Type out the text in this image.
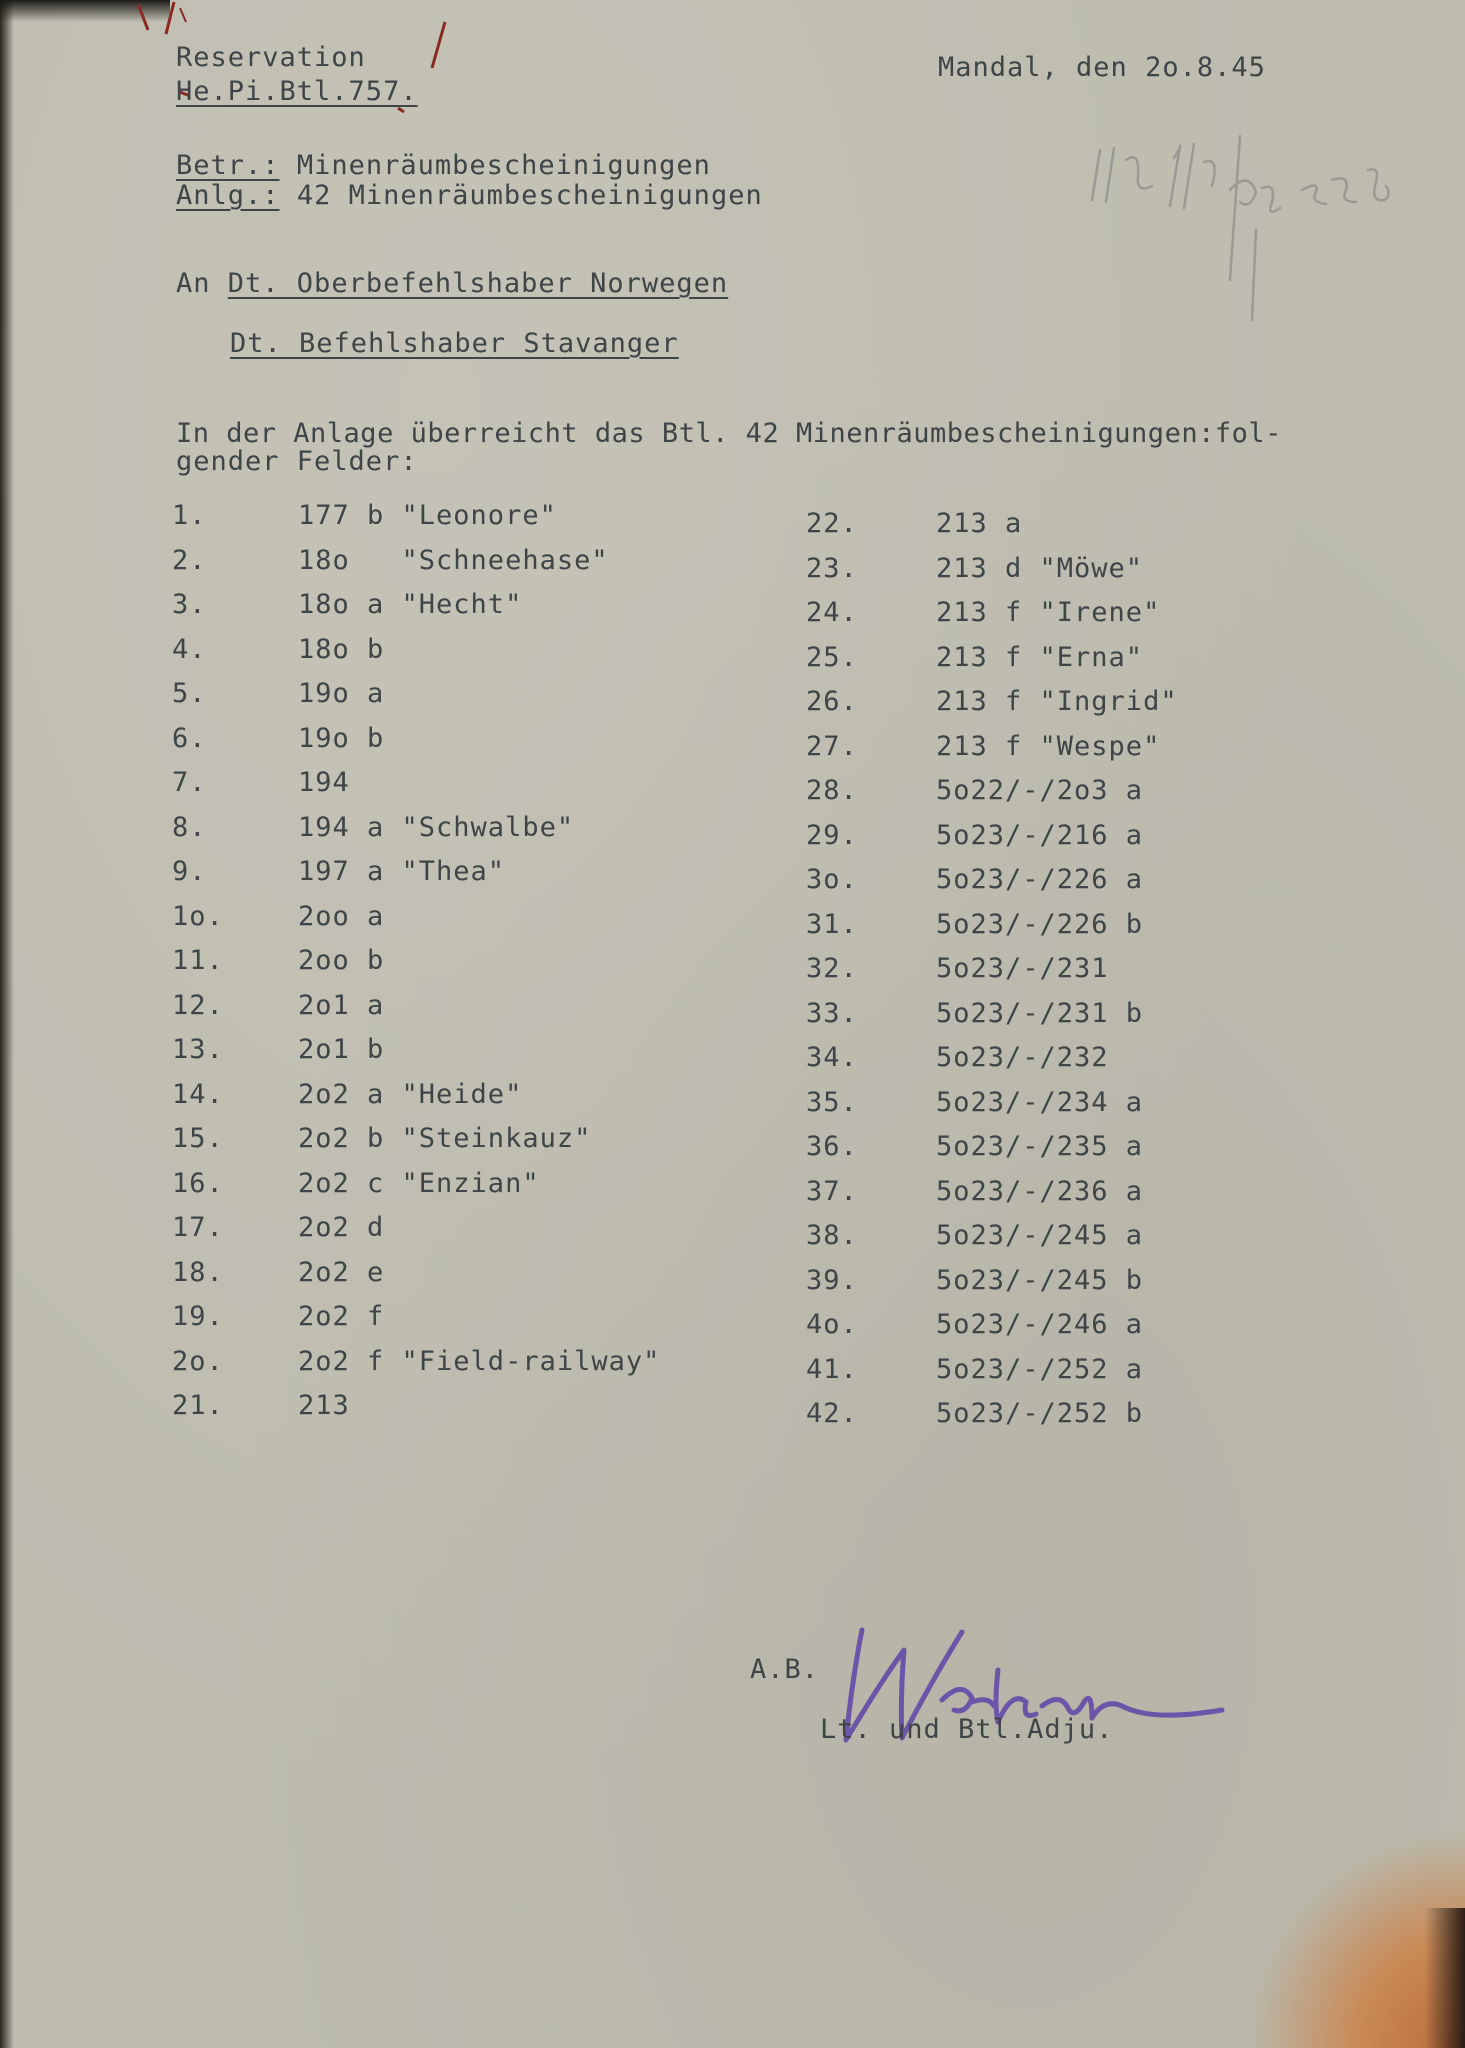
Reservation
He.Pi.Btl.757.
Mandal, den 2o.8.45
Betr.: Minenräumbescheinigungen
Anlg.: 42 Minenräumbescheinigungen
An Dt. Oberbefehlshaber Norwegen
Dt. Befehlshaber Stavanger
In der Anlage überreicht das Btl. 42 Minenräumbescheinigungen:fol-
gender Felder:
1.	177 b "Leonore"
2.	18o   "Schneehase"
3.	18o a "Hecht"
4.	18o b
5.	19o a
6.	19o b
7.	194
8.	194 a "Schwalbe"
9.	197 a "Thea"
1o.	2oo a
11.	2oo b
12.	2o1 a
13.	2o1 b
14.	2o2 a "Heide"
15.	2o2 b "Steinkauz"
16.	2o2 c "Enzian"
17.	2o2 d
18.	2o2 e
19.	2o2 f
2o.	2o2 f "Field-railway"
21.	213
22.	213 a
23.	213 d "Möwe"
24.	213 f "Irene"
25.	213 f "Erna"
26.	213 f "Ingrid"
27.	213 f "Wespe"
28.	5o22/-/2o3 a
29.	5o23/-/216 a
3o.	5o23/-/226 a
31.	5o23/-/226 b
32.	5o23/-/231
33.	5o23/-/231 b
34.	5o23/-/232
35.	5o23/-/234 a
36.	5o23/-/235 a
37.	5o23/-/236 a
38.	5o23/-/245 a
39.	5o23/-/245 b
4o.	5o23/-/246 a
41.	5o23/-/252 a
42.	5o23/-/252 b
A.B.
Lt. und Btl.Adju.
